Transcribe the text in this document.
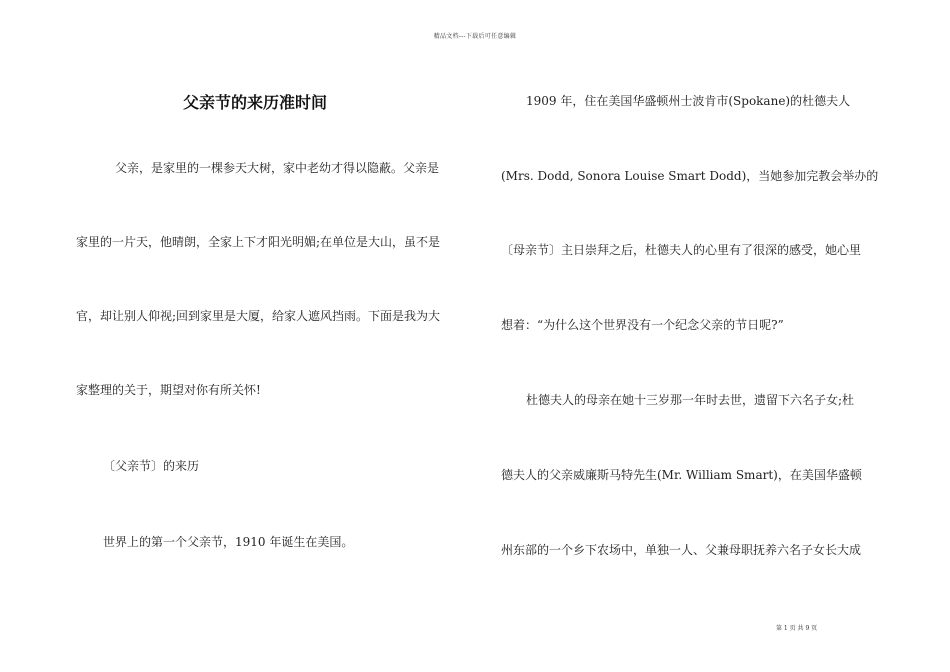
精品文档---下载后可任意编辑
父亲节的来历准时间
父亲，是家里的一棵参天大树，家中老幼才得以隐蔽。父亲是
家里的一片天，他晴朗，全家上下才阳光明媚;在单位是大山，虽不是
官，却让别人仰视;回到家里是大厦，给家人遮风挡雨。下面是我为大
家整理的关于，期望对你有所关怀!
〔父亲节〕的来历
世界上的第一个父亲节，1910 年诞生在美国。
1909 年，住在美国华盛顿州士波肯市(Spokane)的杜德夫人
(Mrs. Dodd, Sonora Louise Smart Dodd)，当她参加完教会举办的
〔母亲节〕主日崇拜之后，杜德夫人的心里有了很深的感受，她心里
想着：“为什么这个世界没有一个纪念父亲的节日呢?”
杜德夫人的母亲在她十三岁那一年时去世，遗留下六名子女;杜
德夫人的父亲威廉斯马特先生(Mr. William Smart)，在美国华盛顿
州东部的一个乡下农场中，单独一人、父兼母职抚养六名子女长大成
第 1 页 共 9 页
